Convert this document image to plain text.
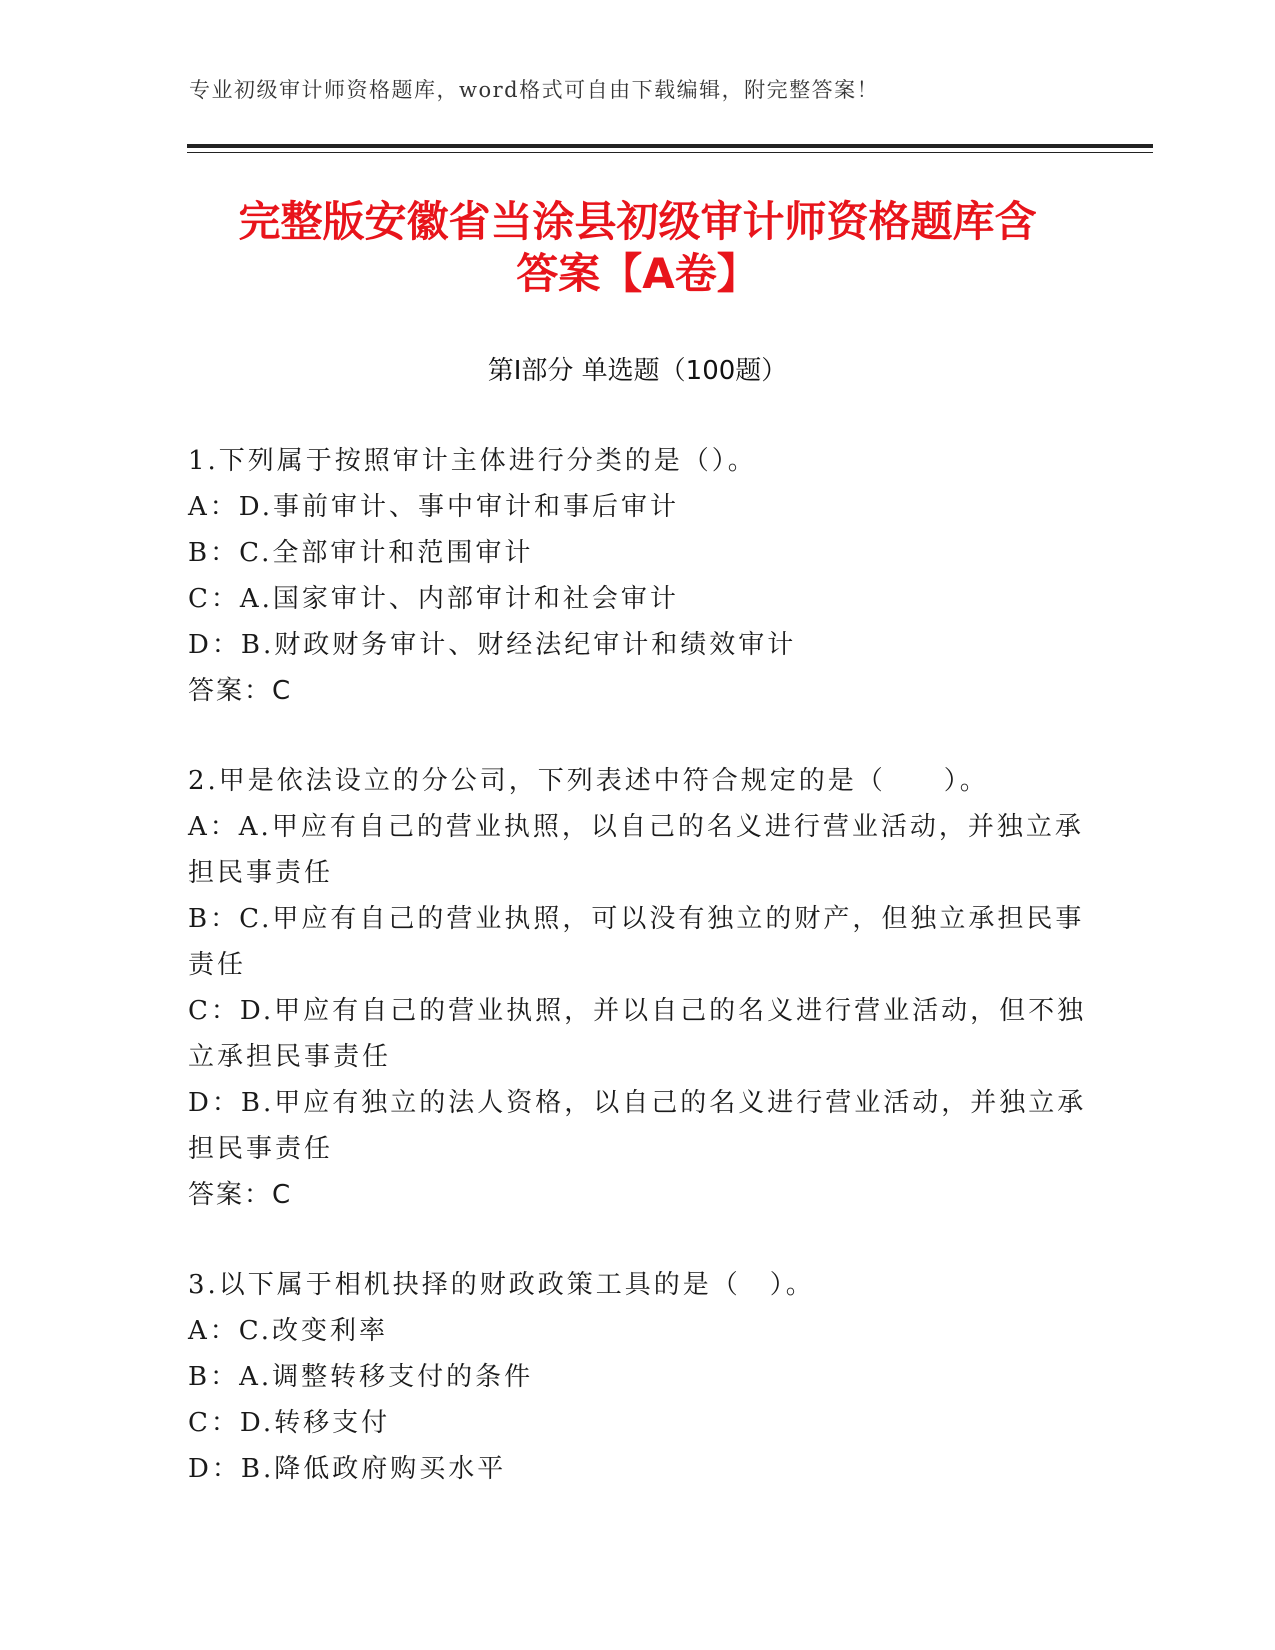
专业初级审计师资格题库，word格式可自由下载编辑，附完整答案！
完整版安徽省当涂县初级审计师资格题库含
答案【A卷】
第I部分 单选题（100题）
1.下列属于按照审计主体进行分类的是（）。
A：D.事前审计、事中审计和事后审计
B：C.全部审计和范围审计
C：A.国家审计、内部审计和社会审计
D：B.财政财务审计、财经法纪审计和绩效审计
答案：C
2.甲是依法设立的分公司，下列表述中符合规定的是（　　）。
A：A.甲应有自己的营业执照，以自己的名义进行营业活动，并独立承担民事责任
B：C.甲应有自己的营业执照，可以没有独立的财产，但独立承担民事责任
C：D.甲应有自己的营业执照，并以自己的名义进行营业活动，但不独立承担民事责任
D：B.甲应有独立的法人资格，以自己的名义进行营业活动，并独立承担民事责任
答案：C
3.以下属于相机抉择的财政政策工具的是（　）。
A：C.改变利率
B：A.调整转移支付的条件
C：D.转移支付
D：B.降低政府购买水平
